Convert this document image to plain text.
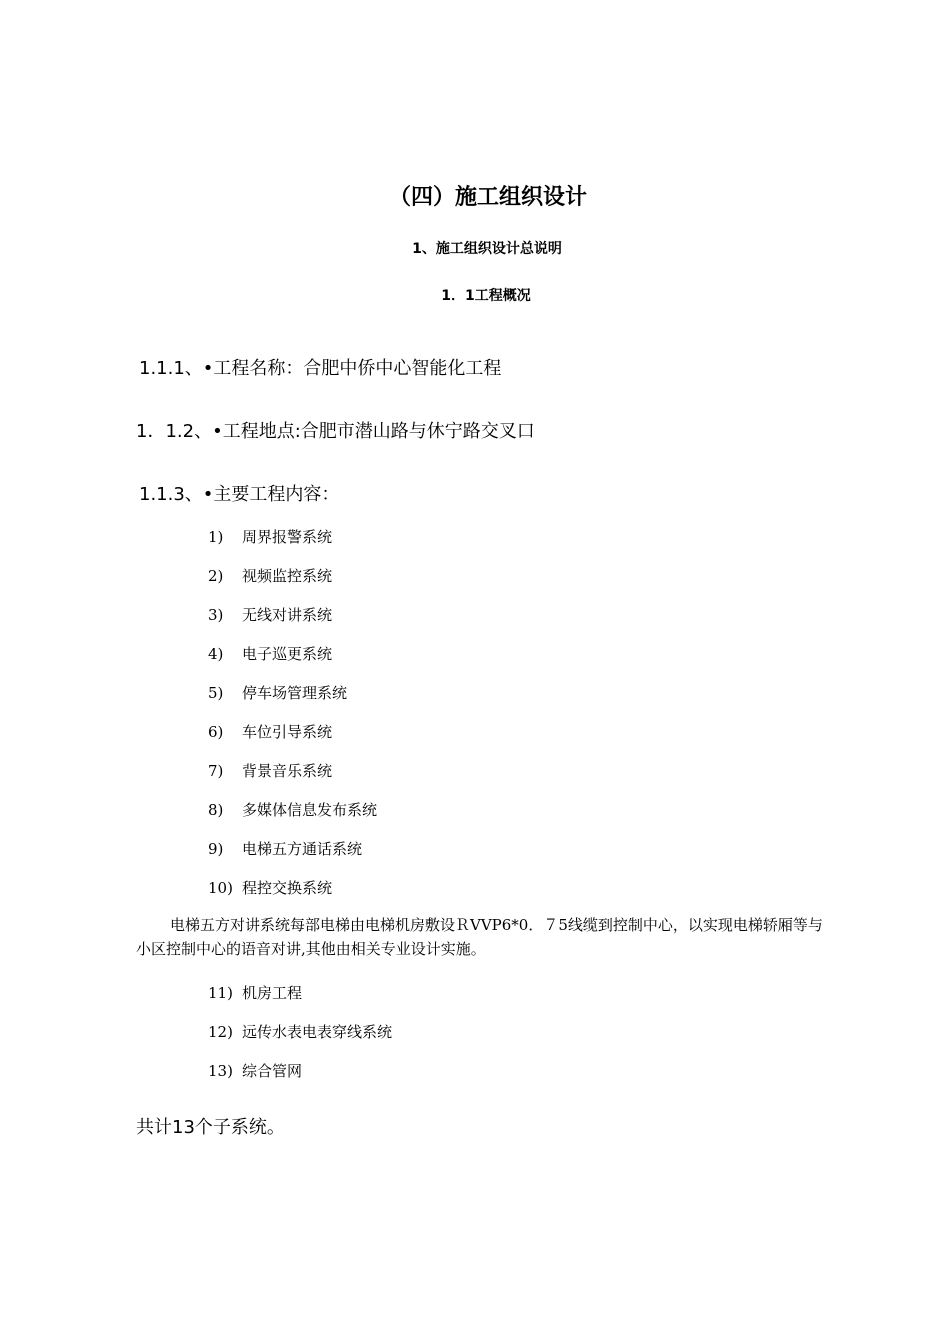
（四）施工组织设计
1、施工组织设计总说明
1．1工程概况
1.1.1、•工程名称：合肥中侨中心智能化工程
1．1.2、•工程地点:合肥市潜山路与休宁路交叉口
1.1.3、•主要工程内容：
1) 周界报警系统
2) 视频监控系统
3) 无线对讲系统
4) 电子巡更系统
5) 停车场管理系统
6) 车位引导系统
7) 背景音乐系统
8) 多媒体信息发布系统
9) 电梯五方通话系统
10) 程控交换系统
电梯五方对讲系统每部电梯由电梯机房敷设ＲVVP6*0．７5线缆到控制中心，以实现电梯轿厢等与小区控制中心的语音对讲,其他由相关专业设计实施。
11) 机房工程
12) 远传水表电表穿线系统
13) 综合管网
共计13个子系统。
